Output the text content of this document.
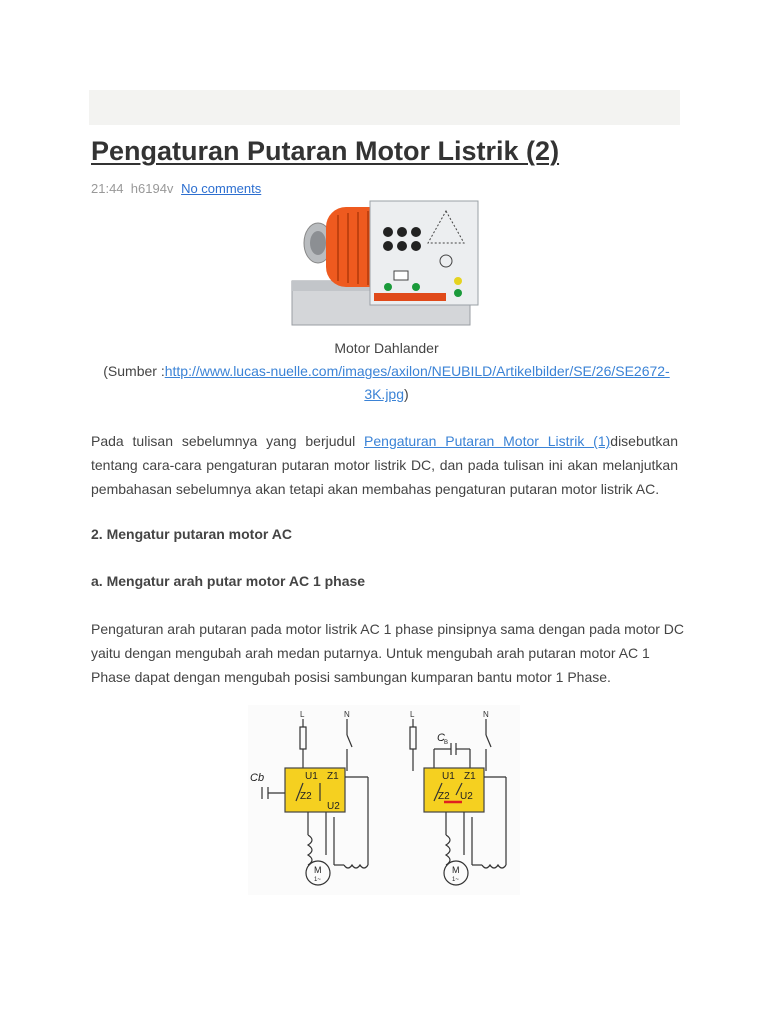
Pengaturan Putaran Motor Listrik (2)
21:44 h6194v No comments
Motor Dahlander
(Sumber :http://www.lucas-nuelle.com/images/axilon/NEUBILD/Artikelbilder/SE/26/SE2672-
3K.jpg)

Pada tulisan sebelumnya yang berjudul Pengaturan Putaran Motor Listrik (1)disebutkan tentang cara-cara pengaturan putaran motor listrik DC, dan pada tulisan ini akan melanjutkan pembahasan sebelumnya akan tetapi akan membahas pengaturan putaran motor listrik AC.

2. Mengatur putaran motor AC
a. Mengatur arah putar motor AC 1 phase
Pengaturan arah putaran pada motor listrik AC 1 phase pinsipnya sama dengan pada motor DC
yaitu dengan mengubah arah medan putarnya. Untuk mengubah arah putaran motor AC 1
Phase dapat dengan mengubah posisi sambungan kumparan bantu motor 1 Phase.
L	N
U1 Z1
Z2
U2
Cb
M
1~
L	N
C B
U1 Z1
Z2 U2
M
1~
